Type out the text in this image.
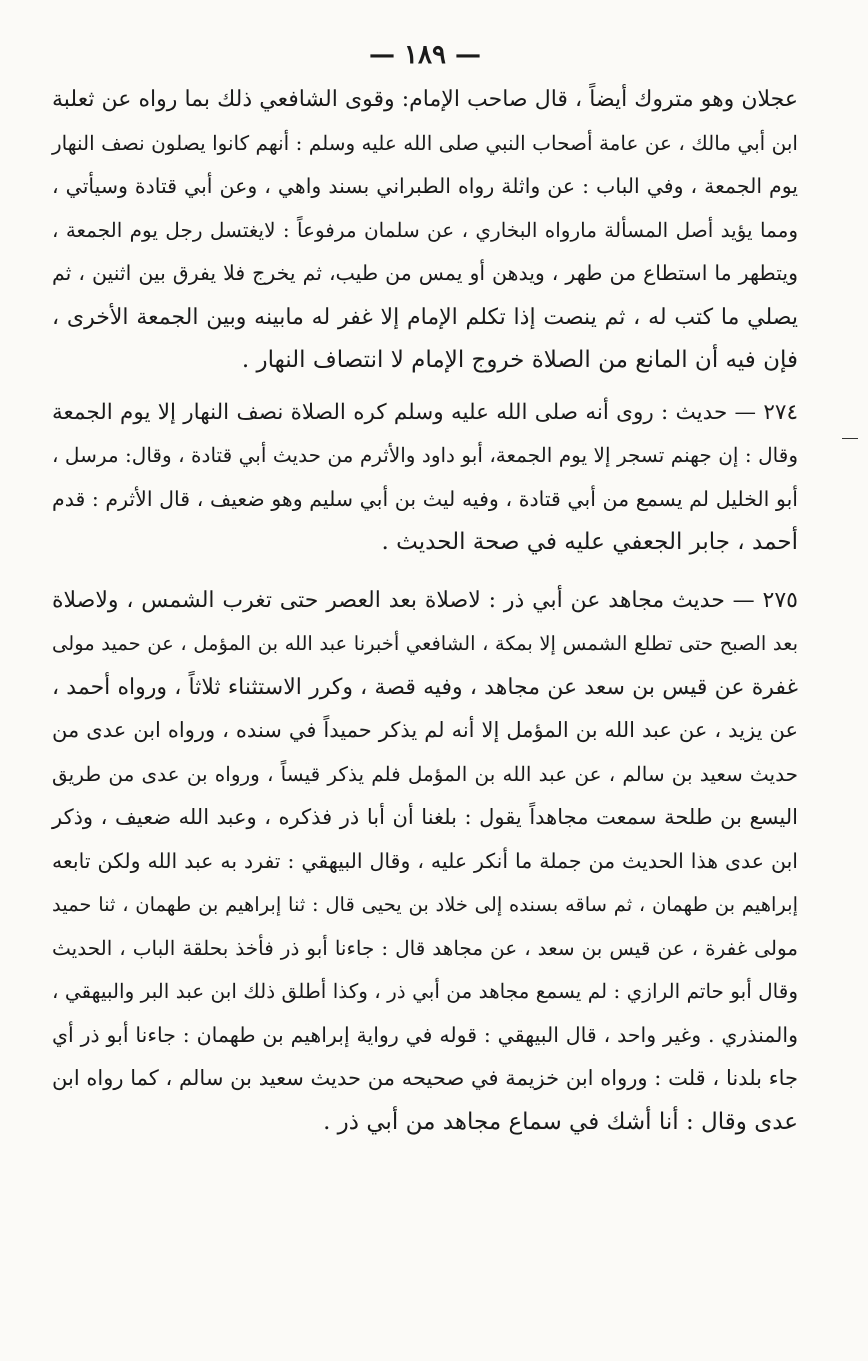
— ١٨٩ —
عجلان وهو متروك أيضاً ، قال صاحب الإمام: وقوى الشافعي ذلك بما رواه عن ثعلبة
ابن أبي مالك ، عن عامة أصحاب النبي صلى الله عليه وسلم : أنهم كانوا يصلون نصف النهار
يوم الجمعة ، وفي الباب : عن واثلة رواه الطبراني بسند واهي ، وعن أبي قتادة وسيأتي ،
ومما يؤيد أصل المسألة مارواه البخاري ، عن سلمان مرفوعاً : لايغتسل رجل يوم الجمعة ،
ويتطهر ما استطاع من طهر ، ويدهن أو يمس من طيب، ثم يخرج فلا يفرق بين اثنين ، ثم
يصلي ما كتب له ، ثم ينصت إذا تكلم الإمام إلا غفر له مابينه وبين الجمعة الأخرى ،
فإن فيه أن المانع من الصلاة خروج الإمام لا انتصاف النهار .
٢٧٤ — حديث : روى أنه صلى الله عليه وسلم كره الصلاة نصف النهار إلا يوم الجمعة
وقال : إن جهنم تسجر إلا يوم الجمعة، أبو داود والأثرم من حديث أبي قتادة ، وقال: مرسل ،
أبو الخليل لم يسمع من أبي قتادة ، وفيه ليث بن أبي سليم وهو ضعيف ، قال الأثرم : قدم
أحمد ، جابر الجعفي عليه في صحة الحديث .
٢٧٥ — حديث مجاهد عن أبي ذر : لاصلاة بعد العصر حتى تغرب الشمس ، ولاصلاة
بعد الصبح حتى تطلع الشمس إلا بمكة ، الشافعي أخبرنا عبد الله بن المؤمل ، عن حميد مولى
غفرة عن قيس بن سعد عن مجاهد ، وفيه قصة ، وكرر الاستثناء ثلاثاً ، ورواه أحمد ،
عن يزيد ، عن عبد الله بن المؤمل إلا أنه لم يذكر حميداً في سنده ، ورواه ابن عدى من
حديث سعيد بن سالم ، عن عبد الله بن المؤمل فلم يذكر قيساً ، ورواه بن عدى من طريق
اليسع بن طلحة سمعت مجاهداً يقول : بلغنا أن أبا ذر فذكره ، وعبد الله ضعيف ، وذكر
ابن عدى هذا الحديث من جملة ما أنكر عليه ، وقال البيهقي : تفرد به عبد الله ولكن تابعه
إبراهيم بن طهمان ، ثم ساقه بسنده إلى خلاد بن يحيى قال : ثنا إبراهيم بن طهمان ، ثنا حميد
مولى غفرة ، عن قيس بن سعد ، عن مجاهد قال : جاءنا أبو ذر فأخذ بحلقة الباب ، الحديث
وقال أبو حاتم الرازي : لم يسمع مجاهد من أبي ذر ، وكذا أطلق ذلك ابن عبد البر والبيهقي ،
والمنذري . وغير واحد ، قال البيهقي : قوله في رواية إبراهيم بن طهمان : جاءنا أبو ذر أي
جاء بلدنا ، قلت : ورواه ابن خزيمة في صحيحه من حديث سعيد بن سالم ، كما رواه ابن
عدى وقال : أنا أشك في سماع مجاهد من أبي ذر .
